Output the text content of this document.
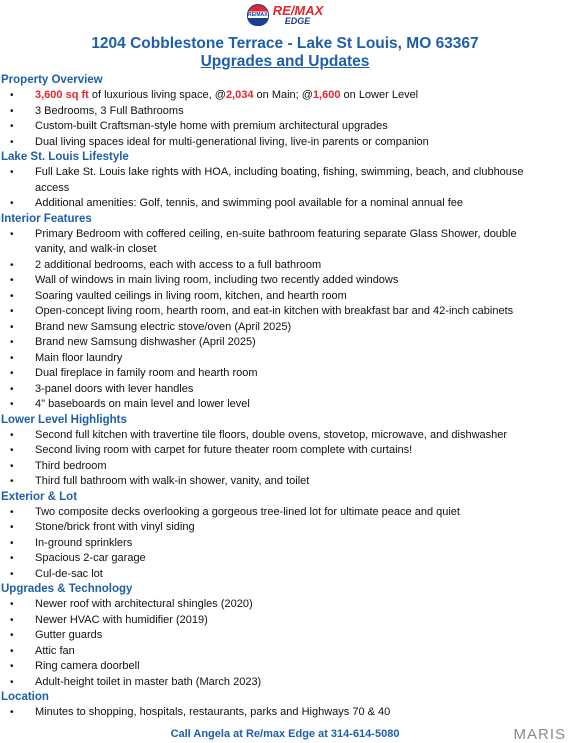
RE/MAX RE/MAX
EDGE
1204 Cobblestone Terrace - Lake St Louis, MO 63367
Upgrades and Updates
Property Overview
• 3,600 sq ft of luxurious living space, @2,034 on Main; @1,600 on Lower Level
• 3 Bedrooms, 3 Full Bathrooms
• Custom-built Craftsman-style home with premium architectural upgrades
• Dual living spaces ideal for multi-generational living, live-in parents or companion
Lake St. Louis Lifestyle
• Full Lake St. Louis lake rights with HOA, including boating, fishing, swimming, beach, and clubhouse access
• Additional amenities: Golf, tennis, and swimming pool available for a nominal annual fee
Interior Features
• Primary Bedroom with coffered ceiling, en-suite bathroom featuring separate Glass Shower, double vanity, and walk-in closet
• 2 additional bedrooms, each with access to a full bathroom
• Wall of windows in main living room, including two recently added windows
• Soaring vaulted ceilings in living room, kitchen, and hearth room
• Open-concept living room, hearth room, and eat-in kitchen with breakfast bar and 42-inch cabinets
• Brand new Samsung electric stove/oven (April 2025)
• Brand new Samsung dishwasher (April 2025)
• Main floor laundry
• Dual fireplace in family room and hearth room
• 3-panel doors with lever handles
• 4" baseboards on main level and lower level
Lower Level Highlights
• Second full kitchen with travertine tile floors, double ovens, stovetop, microwave, and dishwasher
• Second living room with carpet for future theater room complete with curtains!
• Third bedroom
• Third full bathroom with walk-in shower, vanity, and toilet
Exterior & Lot
• Two composite decks overlooking a gorgeous tree-lined lot for ultimate peace and quiet
• Stone/brick front with vinyl siding
• In-ground sprinklers
• Spacious 2-car garage
• Cul-de-sac lot
Upgrades & Technology
• Newer roof with architectural shingles (2020)
• Newer HVAC with humidifier (2019)
• Gutter guards
• Attic fan
• Ring camera doorbell
• Adult-height toilet in master bath (March 2023)
Location
• Minutes to shopping, hospitals, restaurants, parks and Highways 70 & 40
Call Angela at Re/max Edge at 314-614-5080	MARIS
